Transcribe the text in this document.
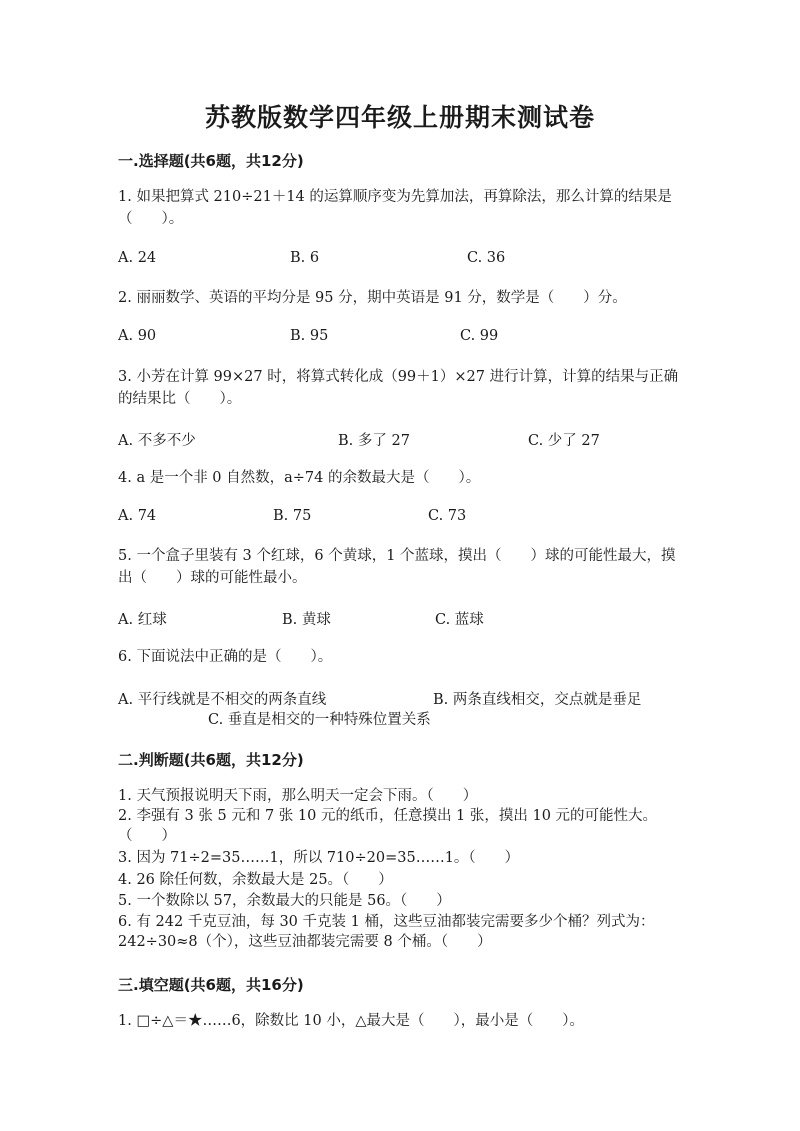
苏教版数学四年级上册期末测试卷
一.选择题(共6题，共12分)
1. 如果把算式 210÷21＋14 的运算顺序变为先算加法，再算除法，那么计算的结果是（　　）。
A. 24	B. 6	C. 36
2. 丽丽数学、英语的平均分是 95 分，期中英语是 91 分，数学是（　　）分。
A. 90	B. 95	C. 99
3. 小芳在计算 99×27 时，将算式转化成（99＋1）×27 进行计算，计算的结果与正确的结果比（　　）。
A. 不多不少	B. 多了 27	C. 少了 27
4. a 是一个非 0 自然数，a÷74 的余数最大是（　　）。
A. 74	B. 75	C. 73
5. 一个盒子里装有 3 个红球，6 个黄球，1 个蓝球，摸出（　　）球的可能性最大，摸出（　　）球的可能性最小。
A. 红球	B. 黄球	C. 蓝球
6. 下面说法中正确的是（　　）。
A. 平行线就是不相交的两条直线	B. 两条直线相交，交点就是垂足
C. 垂直是相交的一种特殊位置关系
二.判断题(共6题，共12分)
1. 天气预报说明天下雨，那么明天一定会下雨。（　　）
2. 李强有 3 张 5 元和 7 张 10 元的纸币，任意摸出 1 张，摸出 10 元的可能性大。　　（　　）
3. 因为 71÷2=35……1，所以 710÷20=35……1。（　　）
4. 26 除任何数，余数最大是 25。（　　）
5. 一个数除以 57，余数最大的只能是 56。（　　）
6. 有 242 千克豆油，每 30 千克装 1 桶，这些豆油都装完需要多少个桶？列式为：242÷30≈8（个），这些豆油都装完需要 8 个桶。（　　）
三.填空题(共6题，共16分)
1. □÷△＝★……6，除数比 10 小，△最大是（　　），最小是（　　）。
